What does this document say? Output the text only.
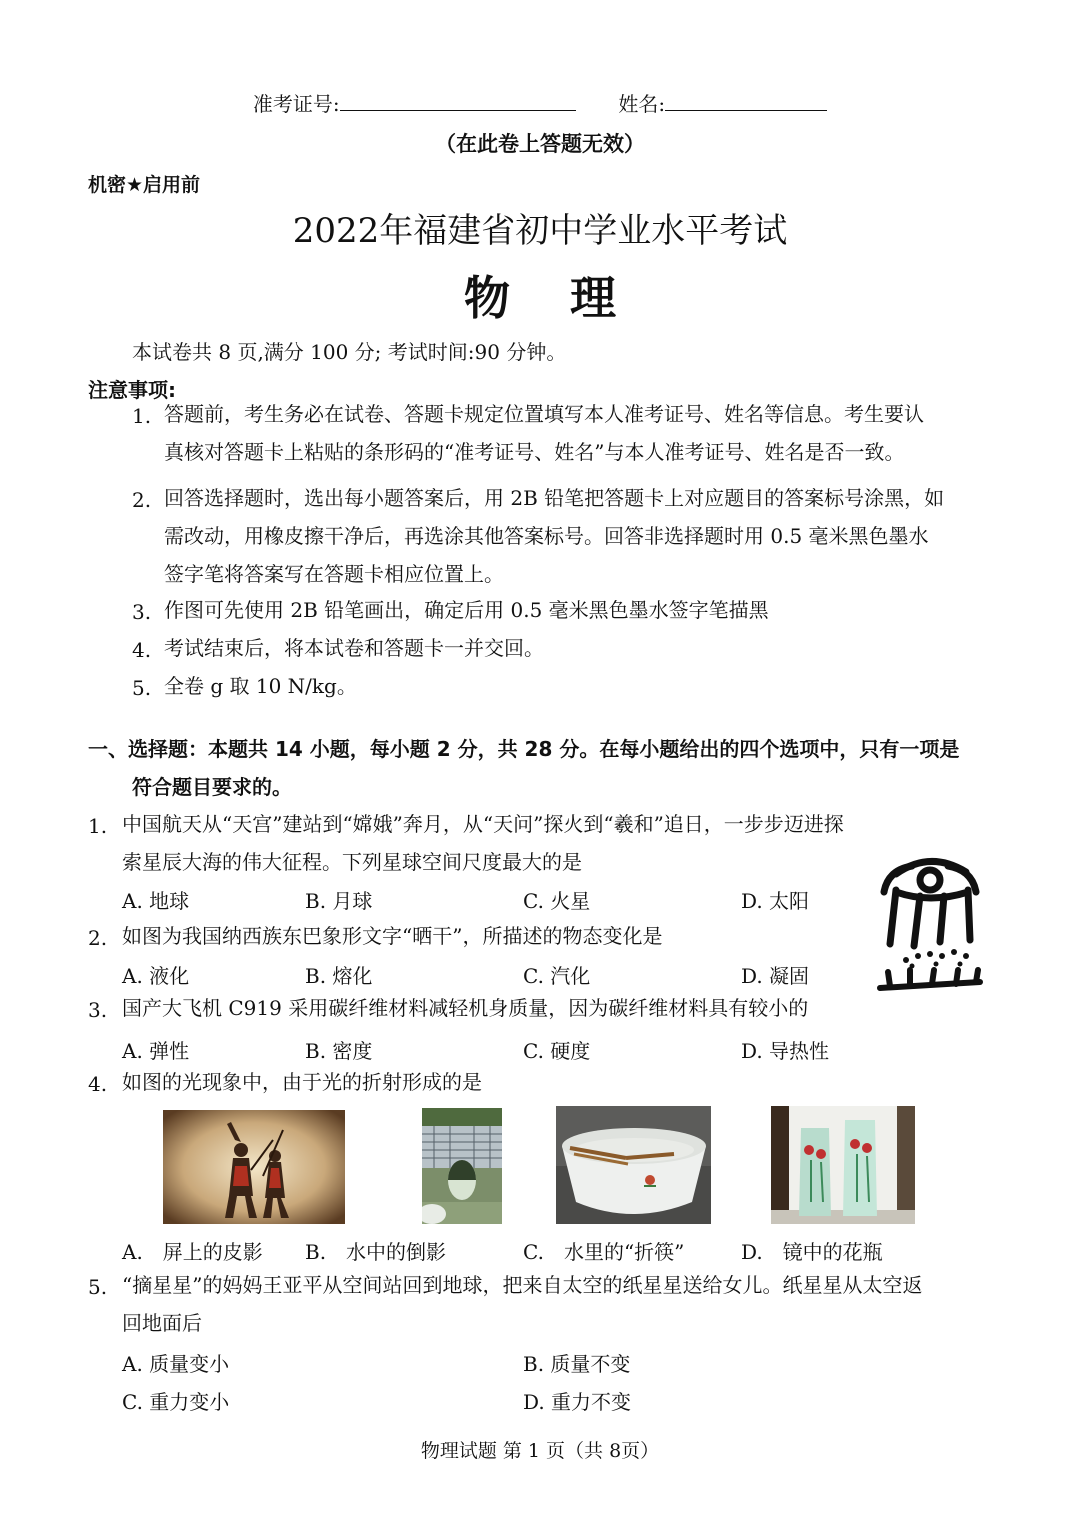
准考证号:	姓名:
（在此卷上答题无效）
机密★启用前
2022年福建省初中学业水平考试
物理
本试卷共 8 页,满分 100 分; 考试时间:90 分钟。
注意事项:
1. 答题前，考生务必在试卷、答题卡规定位置填写本人准考证号、姓名等信息。考生要认
真核对答题卡上粘贴的条形码的“准考证号、姓名”与本人准考证号、姓名是否一致。
2. 回答选择题时，选出每小题答案后，用 2B 铅笔把答题卡上对应题目的答案标号涂黑，如
需改动，用橡皮擦干净后，再选涂其他答案标号。回答非选择题时用 0.5 毫米黑色墨水
签字笔将答案写在答题卡相应位置上。
3. 作图可先使用 2B 铅笔画出，确定后用 0.5 毫米黑色墨水签字笔描黑
4. 考试结束后，将本试卷和答题卡一并交回。
5. 全卷 g 取 10 N/kg。
一、选择题：本题共 14 小题，每小题 2 分，共 28 分。在每小题给出的四个选项中，只有一项是
符合题目要求的。
1. 中国航天从“天宫”建站到“嫦娥”奔月，从“天问”探火到“羲和”追日，一步步迈进探
索星辰大海的伟大征程。下列星球空间尺度最大的是
A. 地球	B. 月球	C. 火星	D. 太阳
2. 如图为我国纳西族东巴象形文字“晒干”，所描述的物态变化是
A. 液化	B. 熔化	C. 汽化	D. 凝固
3. 国产大飞机 C919 采用碳纤维材料减轻机身质量，因为碳纤维材料具有较小的
A. 弹性	B. 密度	C. 硬度	D. 导热性
4. 如图的光现象中，由于光的折射形成的是
A.　屏上的皮影 B.　水中的倒影	C.　水里的“折筷”	D.　镜中的花瓶
5. “摘星星”的妈妈王亚平从空间站回到地球，把来自太空的纸星星送给女儿。纸星星从太空返
回地面后
A. 质量变小	B. 质量不变
C. 重力变小	D. 重力不变
物理试题 第 1 页（共 8页）
